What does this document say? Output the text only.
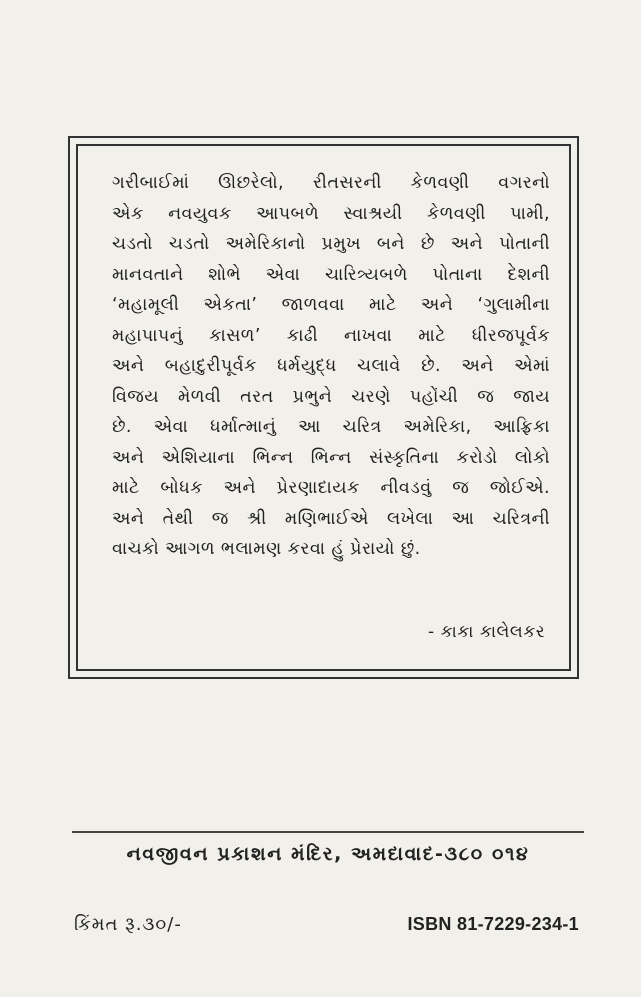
ગરીબાઈમાં ઊછરેલો, રીતસરની કેળવણી વગરનો
એક નવયુવક આપબળે સ્વાશ્રયી કેળવણી પામી,
ચડતો ચડતો અમેરિકાનો પ્રમુખ બને છે અને પોતાની
માનવતાને શોભે એવા ચારિત્ર્યબળે પોતાના દેશની
‘મહામૂલી એકતા’ જાળવવા માટે અને ‘ગુલામીના
મહાપાપનું કાસળ’ કાઢી નાખવા માટે ધીરજપૂર્વક
અને બહાદુરીપૂર્વક ધર્મયુદ્ધ ચલાવે છે. અને એમાં
વિજય મેળવી તરત પ્રભુને ચરણે પહોંચી જ જાય
છે. એવા ધર્માત્માનું આ ચરિત્ર અમેરિકા, આફ્રિકા
અને એશિયાના ભિન્ન ભિન્ન સંસ્કૃતિના કરોડો લોકો
માટે બોધક અને પ્રેરણાદાયક નીવડવું જ જોઈએ.
અને તેથી જ શ્રી મણિભાઈએ લખેલા આ ચરિત્રની
વાચકો આગળ ભલામણ કરવા હું પ્રેરાયો છું.
- કાકા કાલેલકર
નવજીવન પ્રકાશન મંદિર, અમદાવાદ-૩૮૦ ૦૧૪
કિંમત રૂ.૩૦/-	ISBN 81-7229-234-1
